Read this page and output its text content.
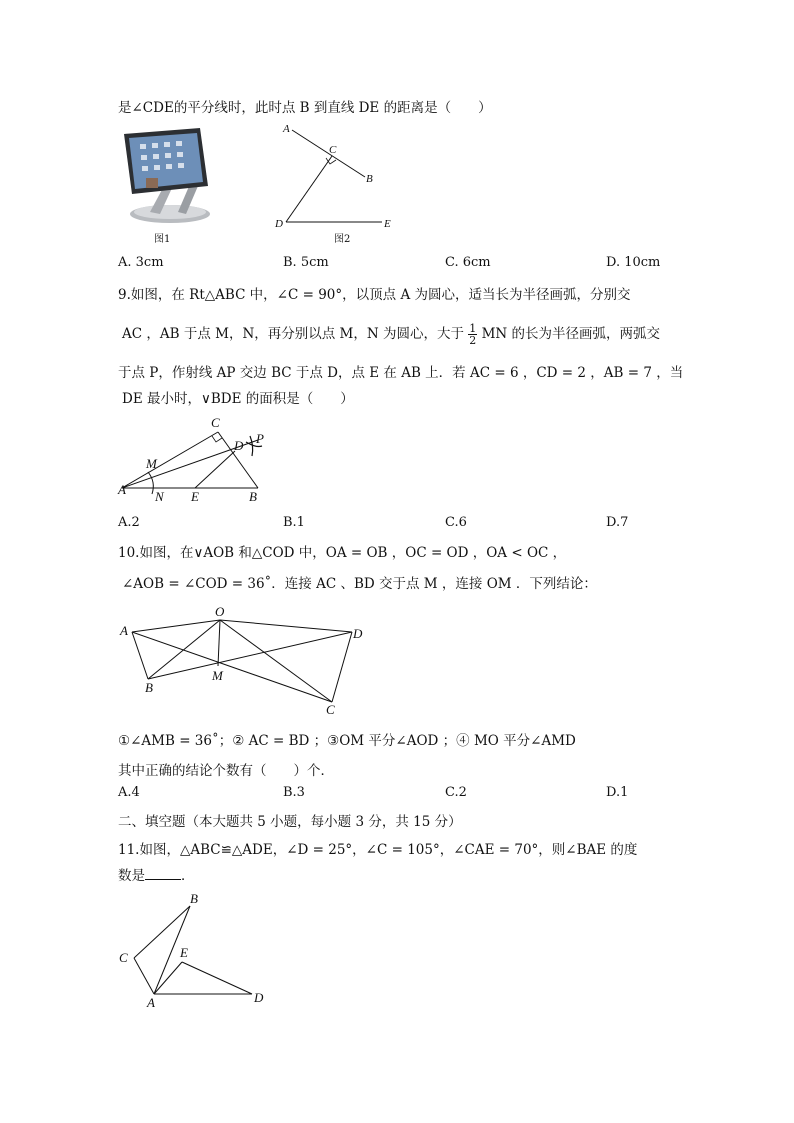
是∠CDE的平分线时，此时点 B 到直线 DE 的距离是（　　）
图1
A
C
B
D	E
图2
A. 3cm	B. 5cm	C. 6cm	D. 10cm
9.如图，在 Rt△ABC 中，∠C = 90°，以顶点 A 为圆心，适当长为半径画弧，分别交
AC ，AB 于点 M，N，再分别以点 M，N 为圆心，大于 $\frac{1}{2}$ MN 的长为半径画弧，两弧交
于点 P，作射线 AP 交边 BC 于点 D，点 E 在 AB 上．若 AC = 6 ，CD = 2 ，AB = 7 ，当
DE 最小时，∨BDE 的面积是（　　）
C
D P
M
A N E	B
A.2	B.1	C.6	D.7
10.如图，在∨AOB 和△COD 中，OA = OB ，OC = OD ，OA < OC ，
∠AOB = ∠COD = 36˚．连接 AC 、BD 交于点 M ，连接 OM ．下列结论：
O
A	D
B
M
C
①∠AMB = 36˚；② AC = BD ；③OM 平分∠AOD ；④ MO 平分∠AMD
其中正确的结论个数有（　　）个．
A.4	B.3	C.2	D.1
二、填空题（本大题共 5 小题，每小题 3 分，共 15 分）
11.如图，△ABC≌△ADE，∠D = 25°，∠C = 105°，∠CAE = 70°，则∠BAE 的度
数是	．
B
C	E
A	D
